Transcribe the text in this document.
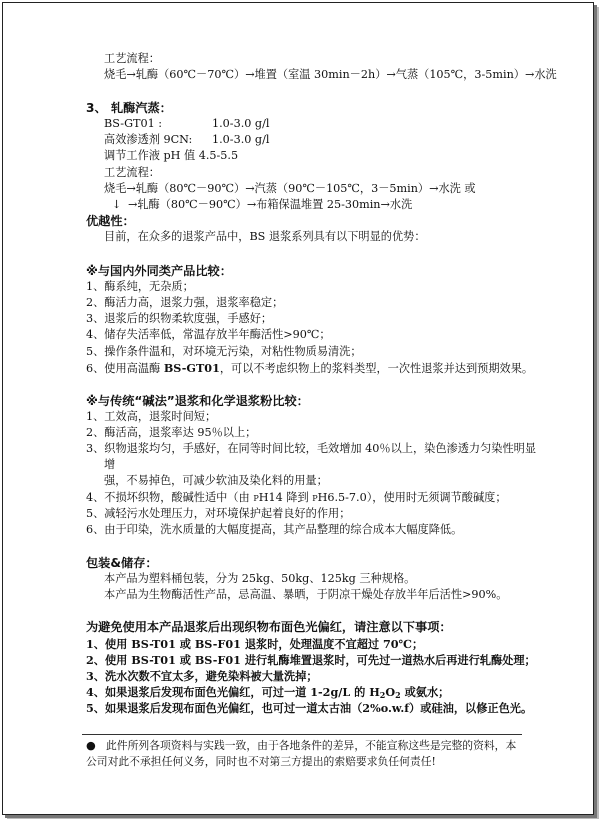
工艺流程：
烧毛→轧酶（60℃－70℃）→堆置（室温 30min－2h）→气蒸（105℃，3-5min）→水洗
3、 轧酶汽蒸：
BS-GT01 :	1.0-3.0 g/l
高效渗透剂 9CN: 1.0-3.0 g/l
调节工作液 pH 值 4.5-5.5
工艺流程：
烧毛→轧酶（80℃－90℃）→汽蒸（90℃－105℃，3－5min）→水洗 或
↓ →轧酶（80℃－90℃）→布箱保温堆置 25-30min→水洗
优越性：
目前，在众多的退浆产品中，BS 退浆系列具有以下明显的优势：
※与国内外同类产品比较：
1、酶系纯，无杂质；
2、酶活力高，退浆力强，退浆率稳定；
3、退浆后的织物柔软度强，手感好；
4、储存失活率低，常温存放半年酶活性>90℃；
5、操作条件温和，对环境无污染，对粘性物质易清洗；
6、使用高温酶 BS-GT01，可以不考虑织物上的浆料类型，一次性退浆并达到预期效果。
※与传统“碱法”退浆和化学退浆粉比较：
1、工效高，退浆时间短；
2、酶活高，退浆率达 95％以上；
3、织物退浆均匀，手感好，在同等时间比较，毛效增加 40％以上，染色渗透力匀染性明显
增
强，不易掉色，可减少软油及染化料的用量；
4、不损坏织物，酸碱性适中（由 PH14 降到 PH6.5-7.0），使用时无须调节酸碱度；
5、减轻污水处理压力，对环境保护起着良好的作用；
6、由于印染，洗水质量的大幅度提高，其产品整理的综合成本大幅度降低。
包装&储存：
本产品为塑料桶包装，分为 25kg、50kg、125kg 三种规格。
本产品为生物酶活性产品，忌高温、暴晒，于阴凉干燥处存放半年后活性>90%。
为避免使用本产品退浆后出现织物布面色光偏红，请注意以下事项：
1、使用 BS-T01 或 BS-F01 退浆时，处理温度不宜超过 70℃；
2、使用 BS-T01 或 BS-F01 进行轧酶堆置退浆时，可先过一道热水后再进行轧酶处理；
3、洗水次数不宜太多，避免染料被大量洗掉；
4、如果退浆后发现布面色光偏红，可过一道 1-2g/L 的 $H_2O_2$ 或氨水；
5、如果退浆后发现布面色光偏红，也可过一道太古油（2%o.w.f）或硅油，以修正色光。
● 此件所列各项资料与实践一致，由于各地条件的差异，不能宣称这些是完整的资料，本
公司对此不承担任何义务，同时也不对第三方提出的索赔要求负任何责任!
